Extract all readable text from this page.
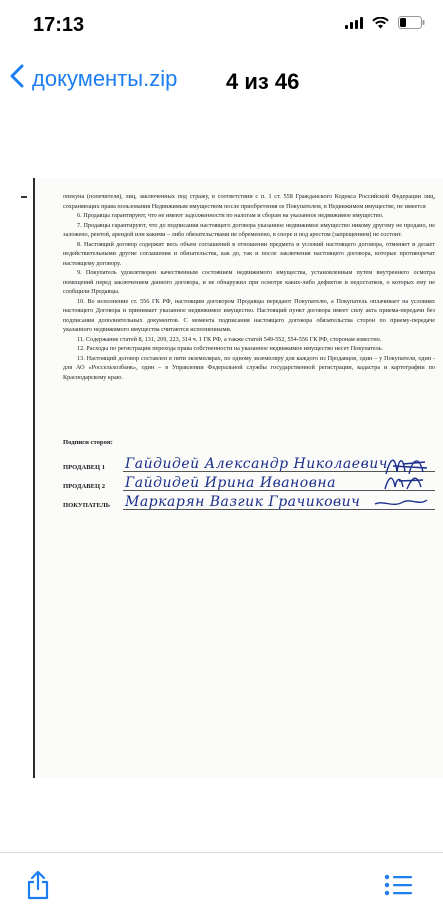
17:13
документы.zip 4 из 46

опекуна (попечителя), лиц, заключенных под стражу, в соответствии с п. 1 ст. 558 Гражданского Кодекса Российской Федерации лиц, сохраняющих права пользования Недвижимым имуществом после приобретения ее Покупателем, в Недвижимом имуществе, не имеется

6. Продавцы гарантируют, что не имеют задолженности по налогам и сборам на указанное недвижимое имущество.

7. Продавцы гарантируют, что до подписания настоящего договора указанное недвижимое имущество никому другому не продано, не заложено, рентой, арендой или какими – либо обязательствами не обременено, в споре и под арестом (запрещением) не состоит.

8. Настоящий договор содержит весь объем соглашений в отношении предмета и условий настоящего договора, отменяет и делает недействительными другие соглашения и обязательства, как до, так и после заключения настоящего договора, которые противоречат настоящему договору.

9. Покупатель удовлетворен качественным состоянием недвижимого имущества, установленным путем внутреннего осмотра помещений перед заключением данного договора, и не обнаружил при осмотре каких-либо дефектов и недостатков, о которых ему не сообщили Продавцы.

10. Во исполнение ст. 556 ГК РФ, настоящим договором Продавцы передают Покупателю, а Покупатель оплачивает на условиях настоящего Договора и принимает указанное недвижимое имущество. Настоящий пункт договора имеет силу акта приема-передачи без подписания дополнительных документов. С момента подписания настоящего договора обязательства сторон по приему-передаче указанного недвижимого имущества считаются исполненными.

11. Содержание статей 8, 131, 209, 223, 314 ч. 1 ГК РФ, а также статей 549-552, 554-556 ГК РФ, сторонам известно.

12. Расходы по регистрации перехода права собственности на указанное недвижимое имущество несет Покупатель.

13. Настоящий договор составлен в пяти экземплярах, по одному экземпляру для каждого из Продавцов, один – у Покупателя, один - для АО «Россельхозбанк», один – в Управлении Федеральной службы государственной регистрации, кадастра и картографии по Краснодарскому краю.

Подписи сторон:
ПРОДАВЕЦ 1 Гайдидей Александр Николаевич
ПРОДАВЕЦ 2 Гайдидей Ирина Ивановна
ПОКУПАТЕЛЬ Маркарян Вазгик Грачикович
